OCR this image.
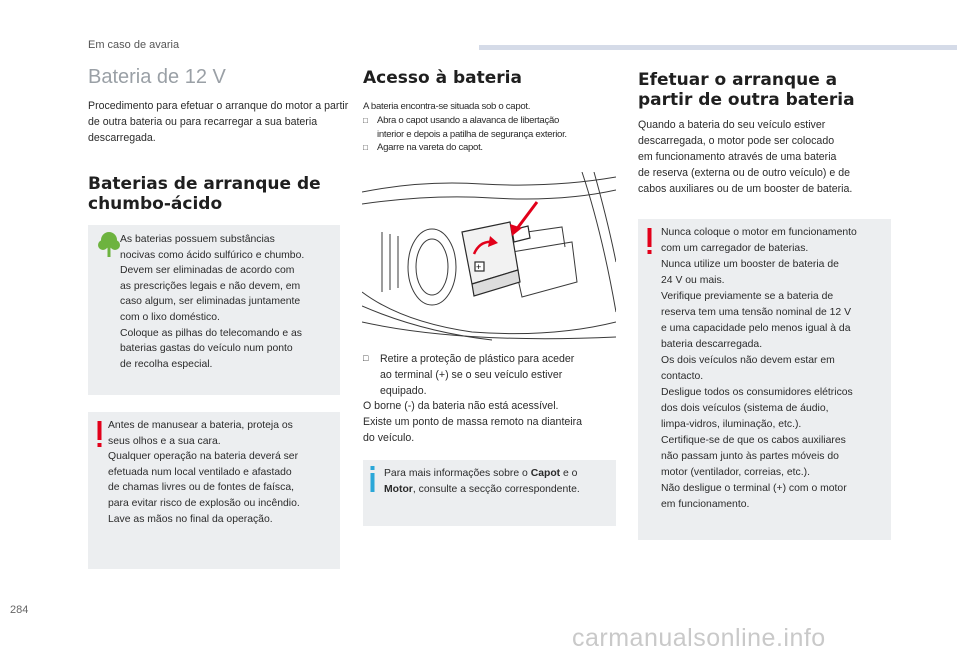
Em caso de avaria
Bateria de 12 V

Procedimento para efetuar o arranque do motor a partir de outra bateria ou para recarregar a sua bateria descarregada.

Baterias de arranque de chumbo-ácido
As baterias possuem substâncias
nocivas como ácido sulfúrico e chumbo.
Devem ser eliminadas de acordo com
as prescrições legais e não devem, em
caso algum, ser eliminadas juntamente
com o lixo doméstico.
Coloque as pilhas do telecomando e as
baterias gastas do veículo num ponto
de recolha especial.
Antes de manusear a bateria, proteja os
seus olhos e a sua cara.
Qualquer operação na bateria deverá ser
efetuada num local ventilado e afastado
de chamas livres ou de fontes de faísca,
para evitar risco de explosão ou incêndio.
Lave as mãos no final da operação.
Acesso à bateria
A bateria encontra-se situada sob o capot.
□ Abra o capot usando a alavanca de libertação
interior e depois a patilha de segurança exterior.
□ Agarre na vareta do capot.
+
□	Retire a proteção de plástico para aceder
ao terminal (+) se o seu veículo estiver
equipado.
O borne (-) da bateria não está acessível.
Existe um ponto de massa remoto na dianteira
do veículo.

Para mais informações sobre o Capot e o
Motor, consulte a secção correspondente.

Efetuar o arranque a partir de outra bateria
Quando a bateria do seu veículo estiver
descarregada, o motor pode ser colocado
em funcionamento através de uma bateria
de reserva (externa ou de outro veículo) e de
cabos auxiliares ou de um booster de bateria.
Nunca coloque o motor em funcionamento
com um carregador de baterias.
Nunca utilize um booster de bateria de
24 V ou mais.
Verifique previamente se a bateria de
reserva tem uma tensão nominal de 12 V
e uma capacidade pelo menos igual à da
bateria descarregada.
Os dois veículos não devem estar em
contacto.
Desligue todos os consumidores elétricos
dos dois veículos (sistema de áudio,
limpa-vidros, iluminação, etc.).
Certifique-se de que os cabos auxiliares
não passam junto às partes móveis do
motor (ventilador, correias, etc.).
Não desligue o terminal (+) com o motor
em funcionamento.
284
carmanualsonline.info
